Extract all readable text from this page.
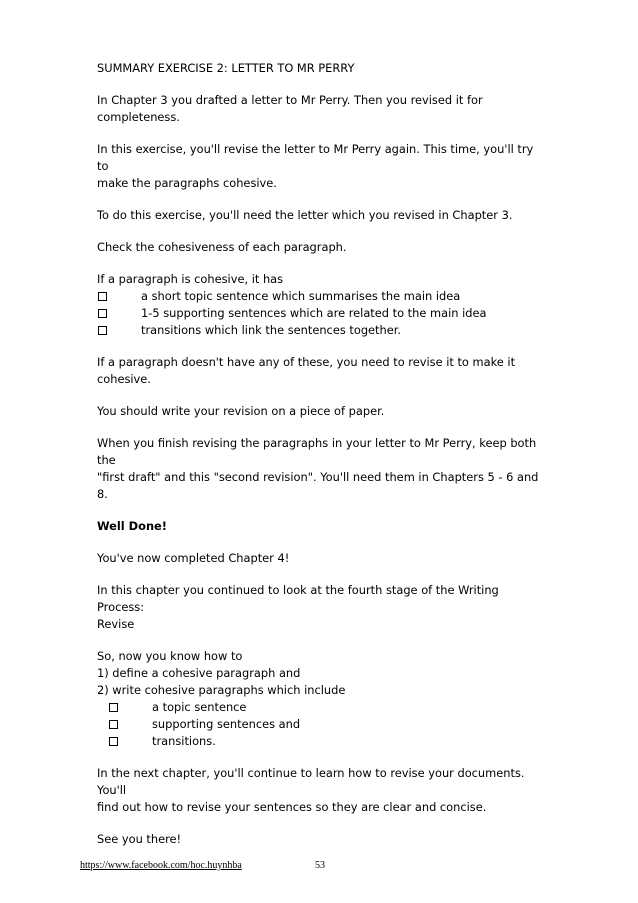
SUMMARY EXERCISE 2: LETTER TO MR PERRY
In Chapter 3 you drafted a letter to Mr Perry. Then you revised it for
completeness.
In this exercise, you'll revise the letter to Mr Perry again. This time, you'll try to
make the paragraphs cohesive.
To do this exercise, you'll need the letter which you revised in Chapter 3.
Check the cohesiveness of each paragraph.
If a paragraph is cohesive, it has
a short topic sentence which summarises the main idea
1-5 supporting sentences which are related to the main idea
transitions which link the sentences together.
If a paragraph doesn't have any of these, you need to revise it to make it
cohesive.
You should write your revision on a piece of paper.
When you finish revising the paragraphs in your letter to Mr Perry, keep both the
"first draft" and this "second revision". You'll need them in Chapters 5 - 6 and 8.
Well Done!
You've now completed Chapter 4!
In this chapter you continued to look at the fourth stage of the Writing Process:
Revise
So, now you know how to
1) define a cohesive paragraph and
2) write cohesive paragraphs which include
a topic sentence
supporting sentences and
transitions.
In the next chapter, you'll continue to learn how to revise your documents. You'll
find out how to revise your sentences so they are clear and concise.
See you there!
https://www.facebook.com/hoc.huynhba	53
